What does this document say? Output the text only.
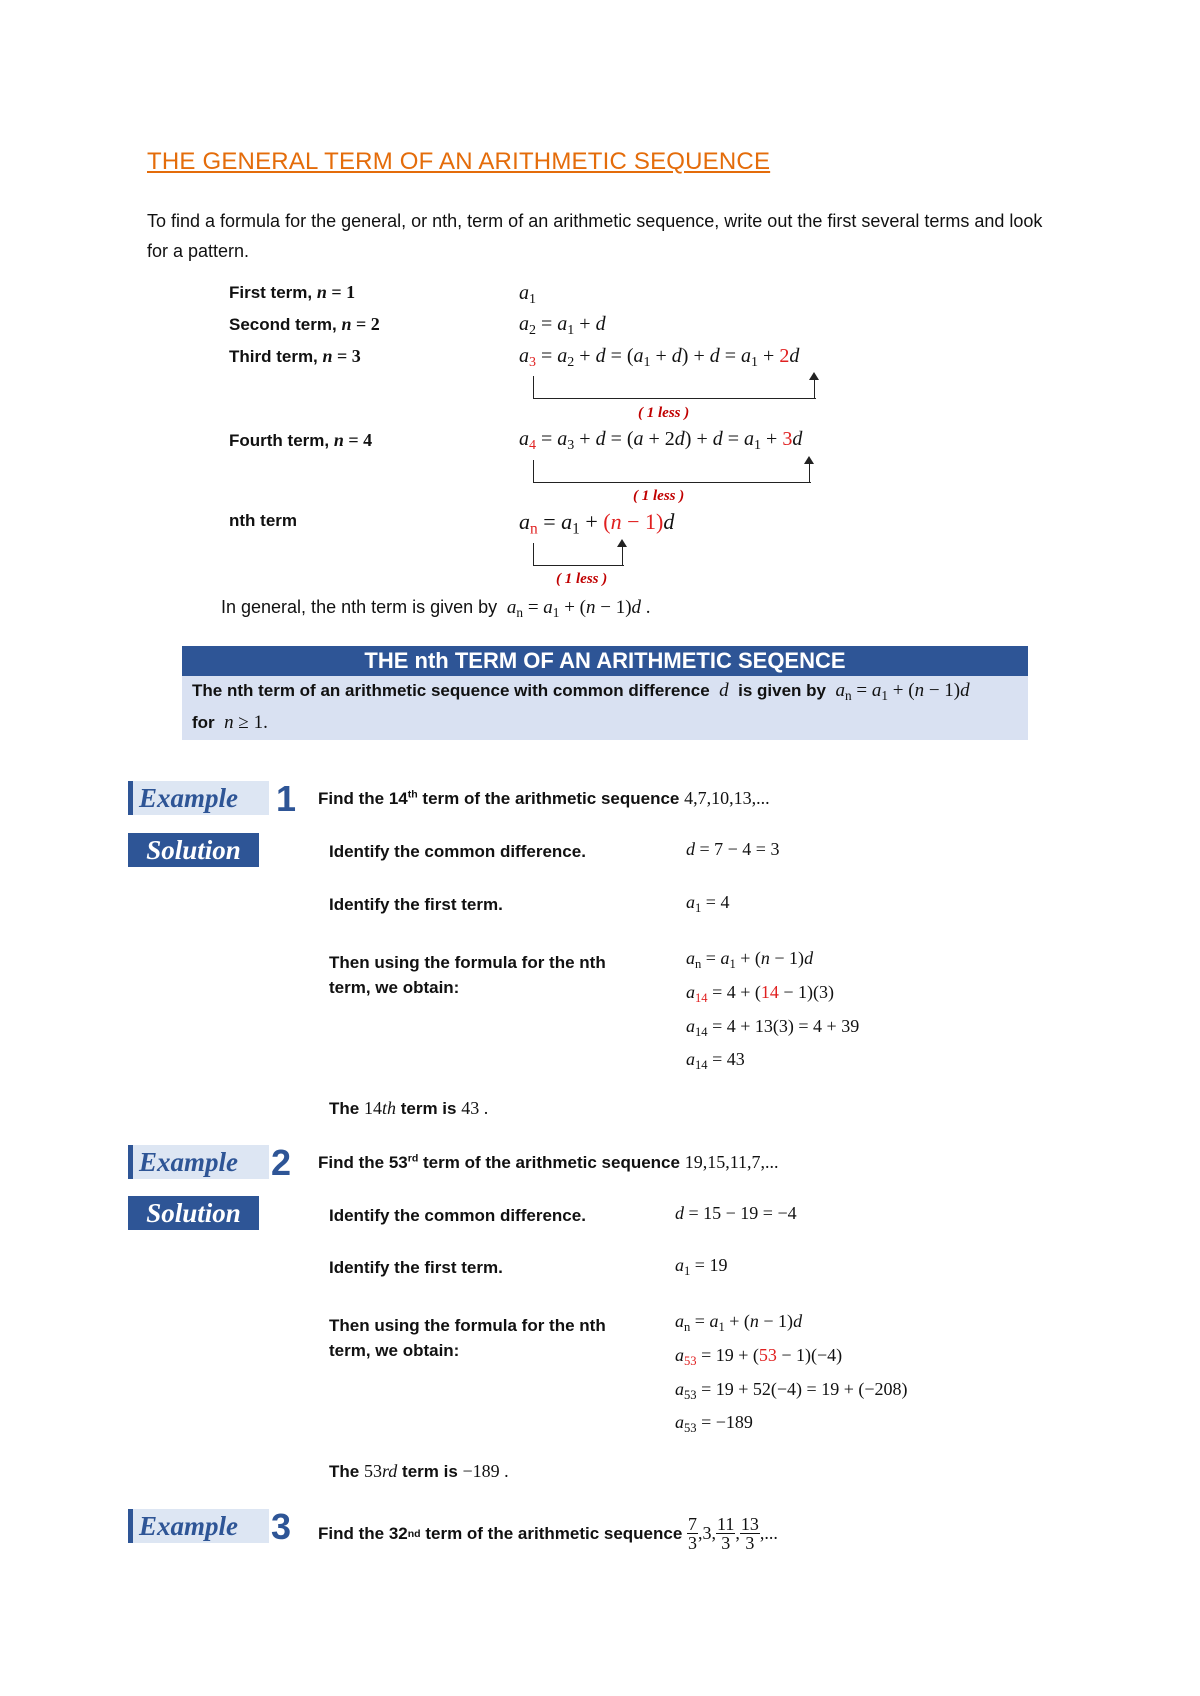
THE GENERAL TERM OF AN ARITHMETIC SEQUENCE
To find a formula for the general, or nth, term of an arithmetic sequence, write out the first several terms and look for a pattern.
First term, n = 1	$a_1$
Second term, n = 2	$a_2 = a_1 + d$
Third term, n = 3	$a_3 = a_2 + d = (a_1 + d) + d = a_1 + 2d$
( 1 less )
Fourth term, n = 4	$a_4 = a_3 + d = (a + 2d) + d = a_1 + 3d$
( 1 less )
nth term	$a_n = a_1 + (n - 1)d$
( 1 less )
In general, the nth term is given by $a_n = a_1 + (n - 1)d$ .
THE nth TERM OF AN ARITHMETIC SEQENCE
The nth term of an arithmetic sequence with common difference d is given by $a_n = a_1 + (n - 1)d$
for n ≥ 1.
Example	1 Find the 14th term of the arithmetic sequence 4,7,10,13,...
Solution	Identify the common difference.	d = 7 − 4 = 3
Identify the first term.	$a_1 = 4$
Then using the formula for the nth term, we obtain:
$a_n = a_1 + (n - 1)d$
$a_{14} = 4 + (14 - 1)(3)$
$a_{14} = 4 + 13(3) = 4 + 39$
$a_{14} = 43$
The 14th term is 43 .
Example 2 Find the 53rd term of the arithmetic sequence 19,15,11,7,...
Solution	Identify the common difference.	d = 15 − 19 = −4
Identify the first term.	$a_1 = 19$
Then using the formula for the nth term, we obtain:
$a_n = a_1 + (n - 1)d$
$a_{53} = 19 + (53 - 1)(-4)$
$a_{53} = 19 + 52(-4) = 19 + (-208)$
$a_{53} = -189$
The 53rd term is −189 .
Example 3 Find the 32 nd
term of the arithmetic sequence
$\frac{7}{3} ,3$, $\frac{11}{3}$ , $\frac{13}{3}$ ,...
